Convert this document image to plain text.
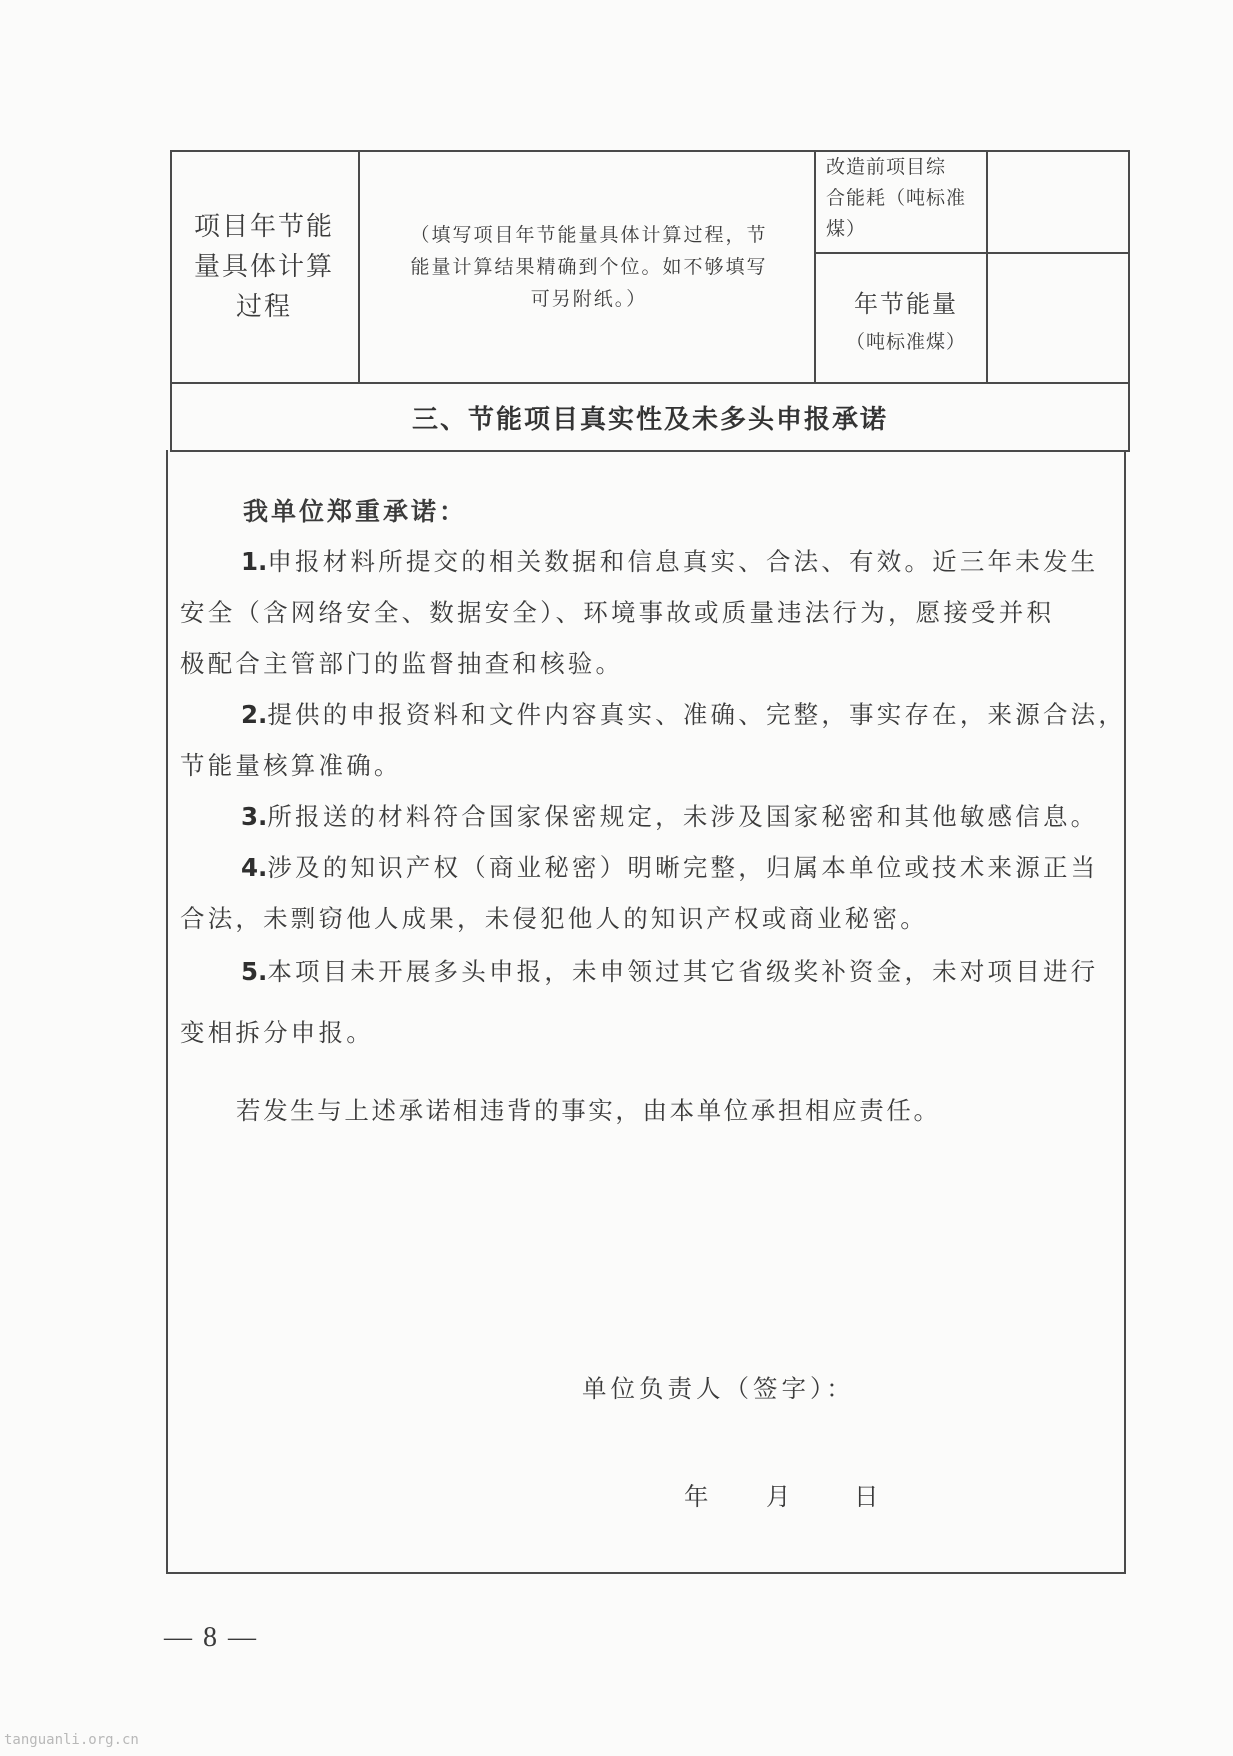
项目年节能
量具体计算
过程
（填写项目年节能量具体计算过程，节
能量计算结果精确到个位。如不够填写
可另附纸。）
改造前项目综
合能耗（吨标准
煤）
年节能量
（吨标准煤）
三、节能项目真实性及未多头申报承诺
我单位郑重承诺：
1.申报材料所提交的相关数据和信息真实、合法、有效。近三年未发生
安全（含网络安全、数据安全）、环境事故或质量违法行为，愿接受并积
极配合主管部门的监督抽查和核验。
2.提供的申报资料和文件内容真实、准确、完整，事实存在，来源合法，
节能量核算准确。
3.所报送的材料符合国家保密规定，未涉及国家秘密和其他敏感信息。
4.涉及的知识产权（商业秘密）明晰完整，归属本单位或技术来源正当
合法，未剽窃他人成果，未侵犯他人的知识产权或商业秘密。
5.本项目未开展多头申报，未申领过其它省级奖补资金，未对项目进行
变相拆分申报。
若发生与上述承诺相违背的事实，由本单位承担相应责任。
单位负责人（签字）：
年 月 日
— 8 —
tanguanli.org.cn
